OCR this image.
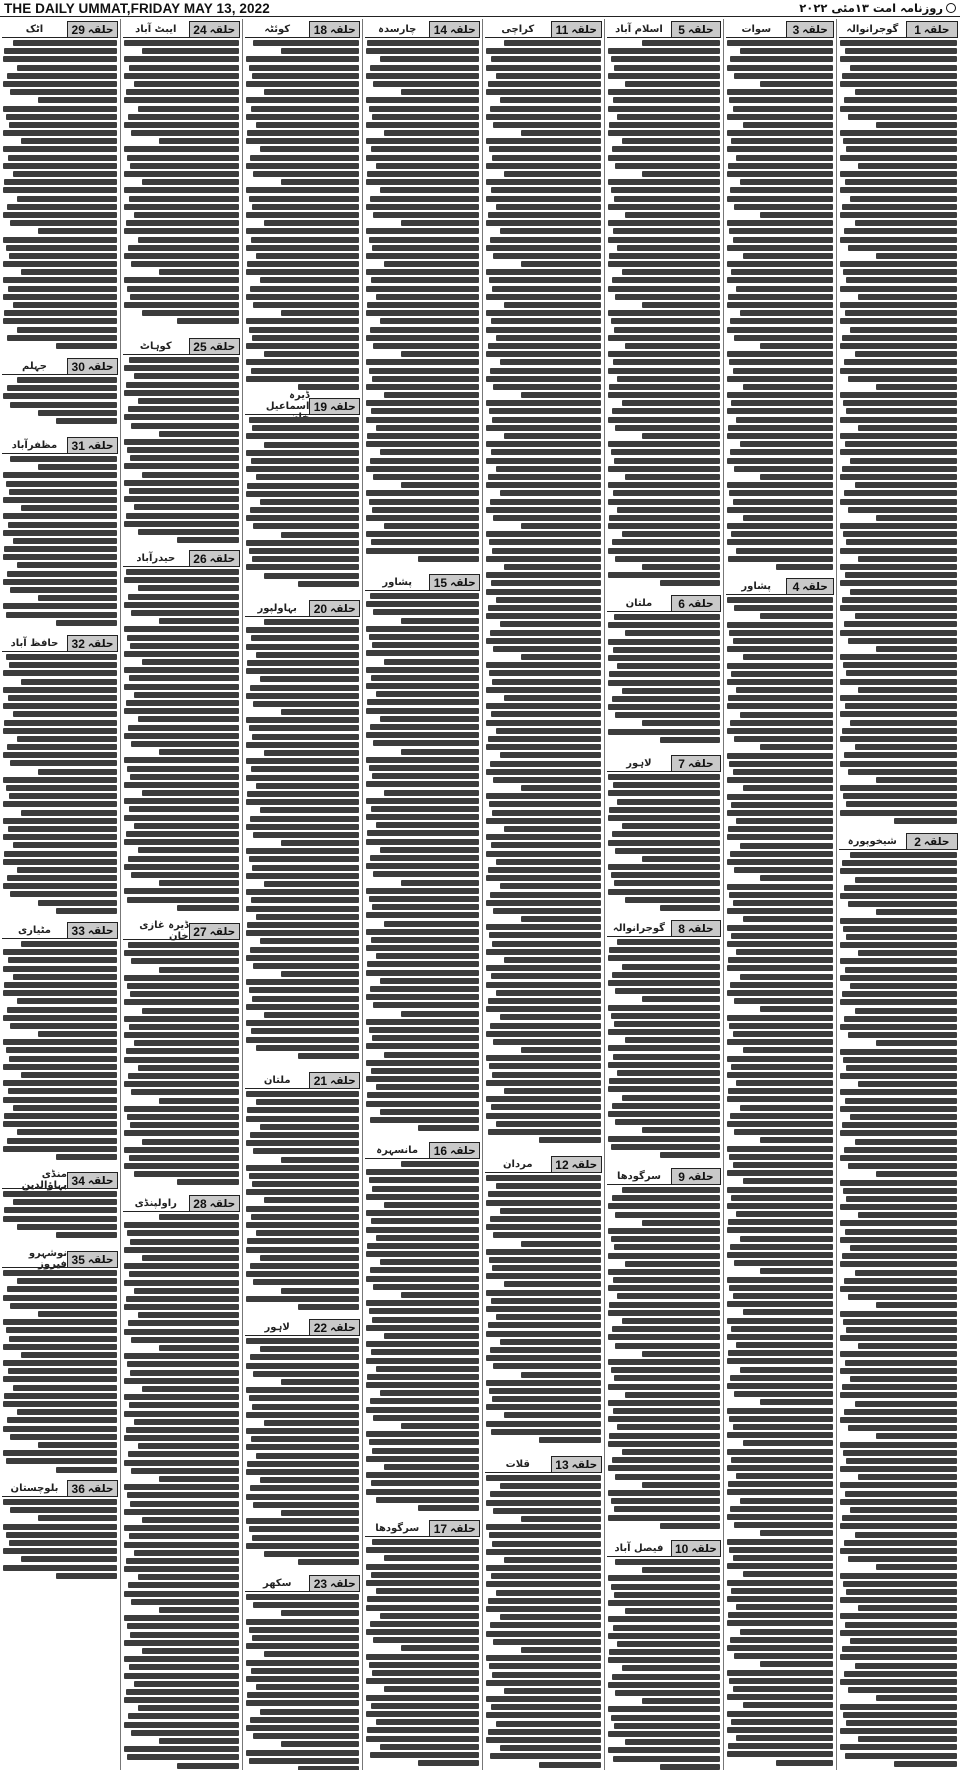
THE DAILY UMMAT,FRIDAY MAY 13, 2022	روزنامہ امت ۱۳مئی ۲۰۲۲
حلقہ
1
گوجرانوالہ
حلقہ
2
شیخوپورہ
حلقہ
3
سوات
حلقہ
4
پشاور
حلقہ
5
اسلام آباد
حلقہ
6
ملتان
حلقہ
7
لاہور
حلقہ
8
گوجرانوالہ
حلقہ
9
سرگودھا
حلقہ
10
فیصل آباد
حلقہ
11
کراچی
حلقہ
12
مردان
حلقہ
13
قلات
حلقہ
14
چارسدہ
حلقہ
15
پشاور
حلقہ
16
مانسہرہ
حلقہ
17
سرگودھا
حلقہ
18
کوئٹہ
حلقہ
19
ڈیرہ اسماعیل
حلقہ
20
بہاولپور
حلقہ
21
ملتان
حلقہ
22
لاہور
حلقہ
23
سکھر
حلقہ
24
ایبٹ آباد
حلقہ
25
کوہاٹ
حلقہ
26
حیدرآباد
حلقہ
27
ڈیرہ غازی خان
حلقہ
28
راولپنڈی
حلقہ
29
اٹک
حلقہ
30
جہلم
حلقہ
31
مظفرآباد
حلقہ
32
حافظ آباد
حلقہ
33
مٹیاری
حلقہ
34
منڈی بہاؤالدین
حلقہ
35
نوشہرو فیروز
حلقہ
36
بلوچستان
